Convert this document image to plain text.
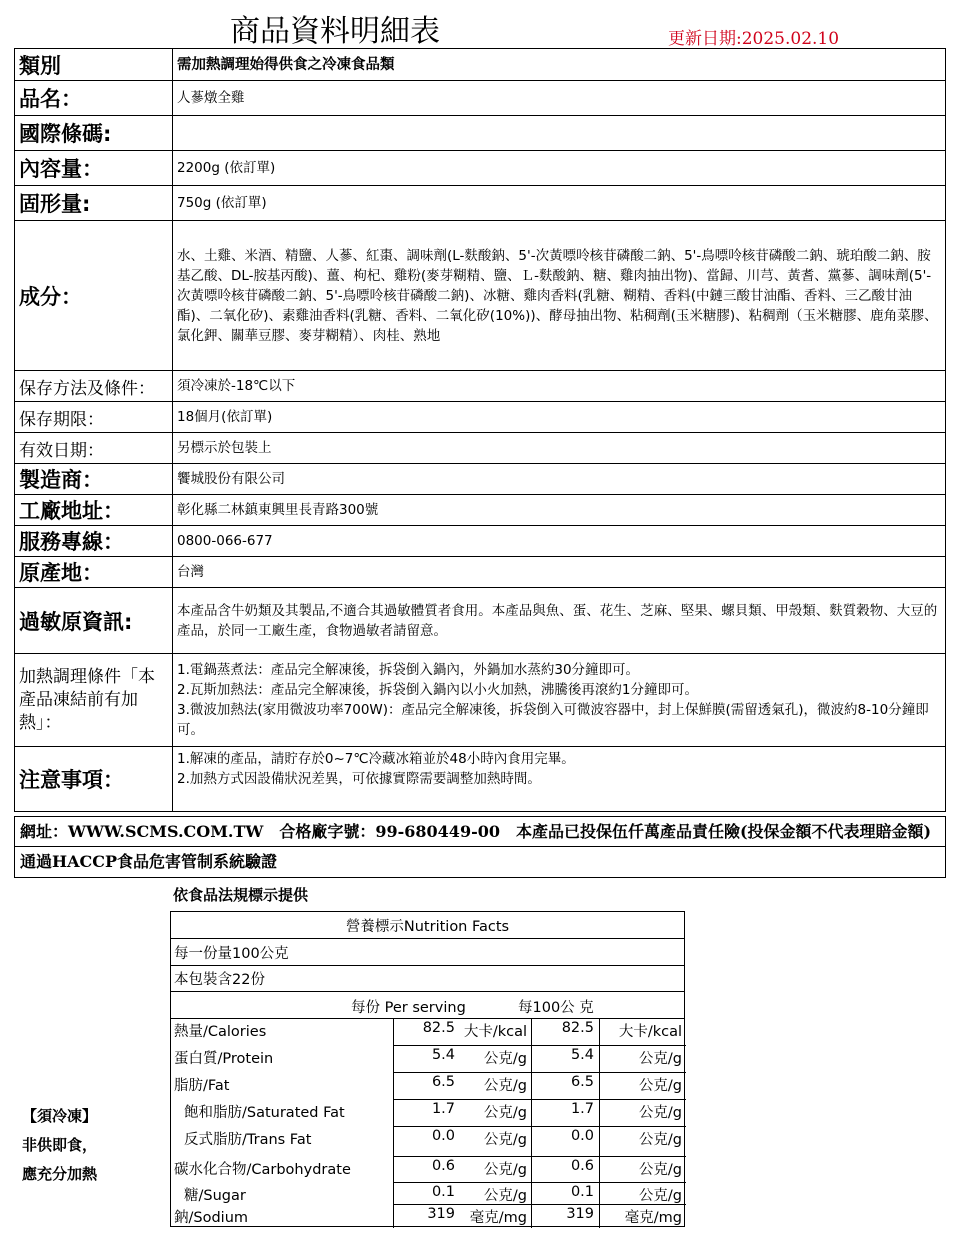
商品資料明細表	更新日期:2025.02.10
類別	需加熱調理始得供食之冷凍食品類
品名：	人蔘燉全雞
國際條碼:	
內容量：	2200g (依訂單)
固形量:	750g (依訂單)
成分：	水、土雞、米酒、精鹽、人蔘、紅棗、調味劑(L-麩酸鈉、5'-次黃嘌呤核苷磷酸二鈉、5'-鳥嘌呤核苷磷酸二鈉、琥珀酸二鈉、胺基乙酸、DL-胺基丙酸)、薑、枸杞、雞粉(麥芽糊精、鹽、Ｌ-麩酸鈉、糖、雞肉抽出物)、當歸、川芎、黃耆、黨蔘、調味劑(5'-次黃嘌呤核苷磷酸二鈉、5'-鳥嘌呤核苷磷酸二鈉)、冰糖、雞肉香料(乳糖、糊精、香料(中鏈三酸甘油酯、香料、三乙酸甘油酯)、二氧化矽)、素雞油香料(乳糖、香料、二氧化矽(10%))、酵母抽出物、粘稠劑(玉米糖膠)、粘稠劑（玉米糖膠、鹿角菜膠、氯化鉀、關華豆膠、麥芽糊精）、肉桂、熟地
保存方法及條件：	須冷凍於-18℃以下
保存期限：	18個月(依訂單)
有效日期：	另標示於包裝上
製造商：	饗城股份有限公司
工廠地址：	彰化縣二林鎮東興里長青路300號
服務專線：	0800-066-677
原產地：	台灣
過敏原資訊:	本產品含牛奶類及其製品,不適合其過敏體質者食用。本產品與魚、蛋、花生、芝麻、堅果、螺貝類、甲殼類、麩質穀物、大豆的產品，於同一工廠生產，食物過敏者請留意。
加熱調理條件「本產品凍結前有加熱」：	1.電鍋蒸煮法：產品完全解凍後，拆袋倒入鍋內，外鍋加水蒸約30分鐘即可。
2.瓦斯加熱法：產品完全解凍後，拆袋倒入鍋內以小火加熱，沸騰後再滾約1分鐘即可。
3.微波加熱法(家用微波功率700W)：產品完全解凍後，拆袋倒入可微波容器中，封上保鮮膜(需留透氣孔)，微波約8-10分鐘即可。
注意事項：	1.解凍的產品，請貯存於0~7℃冷藏冰箱並於48小時內食用完畢。
2.加熱方式因設備狀況差異，可依據實際需要調整加熱時間。
網址：WWW.SCMS.COM.TW　合格廠字號：99-680449-00　本產品已投保伍仟萬產品責任險(投保金額不代表理賠金額)
通過HACCP食品危害管制系統驗證
依食品法規標示提供
營養標示Nutrition Facts
每一份量100公克
本包裝含22份
每份 Per serving	每100公 克
熱量/Calories	82.5 大卡/kcal	82.5	大卡/kcal
蛋白質/Protein	5.4	公克/g	5.4	公克/g
脂肪/Fat	6.5	公克/g	6.5	公克/g
飽和脂肪/Saturated Fat	1.7	公克/g	1.7	公克/g
反式脂肪/Trans Fat	0.0	公克/g	0.0	公克/g
碳水化合物/Carbohydrate	0.6	公克/g	0.6	公克/g
糖/Sugar	0.1	公克/g	0.1	公克/g
鈉/Sodium	319	毫克/mg	319	毫克/mg
【須冷凍】
非供即食，
應充分加熱
